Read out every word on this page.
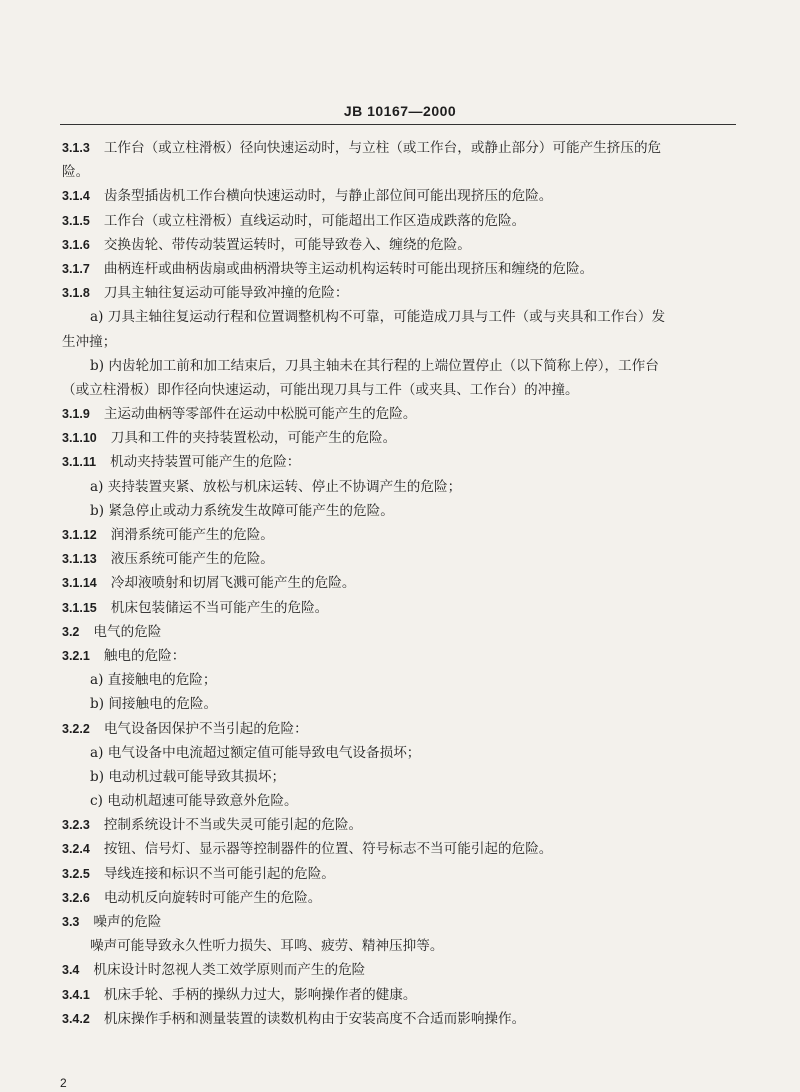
JB 10167—2000
3.1.3 工作台（或立柱滑板）径向快速运动时，与立柱（或工作台，或静止部分）可能产生挤压的危
险。
3.1.4 齿条型插齿机工作台横向快速运动时，与静止部位间可能出现挤压的危险。
3.1.5 工作台（或立柱滑板）直线运动时，可能超出工作区造成跌落的危险。
3.1.6 交换齿轮、带传动装置运转时，可能导致卷入、缠绕的危险。
3.1.7 曲柄连杆或曲柄齿扇或曲柄滑块等主运动机构运转时可能出现挤压和缠绕的危险。
3.1.8 刀具主轴往复运动可能导致冲撞的危险：
a) 刀具主轴往复运动行程和位置调整机构不可靠，可能造成刀具与工件（或与夹具和工作台）发
生冲撞；
b) 内齿轮加工前和加工结束后，刀具主轴未在其行程的上端位置停止（以下简称上停），工作台
（或立柱滑板）即作径向快速运动，可能出现刀具与工件（或夹具、工作台）的冲撞。
3.1.9 主运动曲柄等零部件在运动中松脱可能产生的危险。
3.1.10 刀具和工件的夹持装置松动，可能产生的危险。
3.1.11 机动夹持装置可能产生的危险：
a) 夹持装置夹紧、放松与机床运转、停止不协调产生的危险；
b) 紧急停止或动力系统发生故障可能产生的危险。
3.1.12 润滑系统可能产生的危险。
3.1.13 液压系统可能产生的危险。
3.1.14 冷却液喷射和切屑飞溅可能产生的危险。
3.1.15 机床包装储运不当可能产生的危险。
3.2 电气的危险
3.2.1 触电的危险：
a) 直接触电的危险；
b) 间接触电的危险。
3.2.2 电气设备因保护不当引起的危险：
a) 电气设备中电流超过额定值可能导致电气设备损坏；
b) 电动机过载可能导致其损坏；
c) 电动机超速可能导致意外危险。
3.2.3 控制系统设计不当或失灵可能引起的危险。
3.2.4 按钮、信号灯、显示器等控制器件的位置、符号标志不当可能引起的危险。
3.2.5 导线连接和标识不当可能引起的危险。
3.2.6 电动机反向旋转时可能产生的危险。
3.3 噪声的危险
噪声可能导致永久性听力损失、耳鸣、疲劳、精神压抑等。
3.4 机床设计时忽视人类工效学原则而产生的危险
3.4.1 机床手轮、手柄的操纵力过大，影响操作者的健康。
3.4.2 机床操作手柄和测量装置的读数机构由于安装高度不合适而影响操作。
2
